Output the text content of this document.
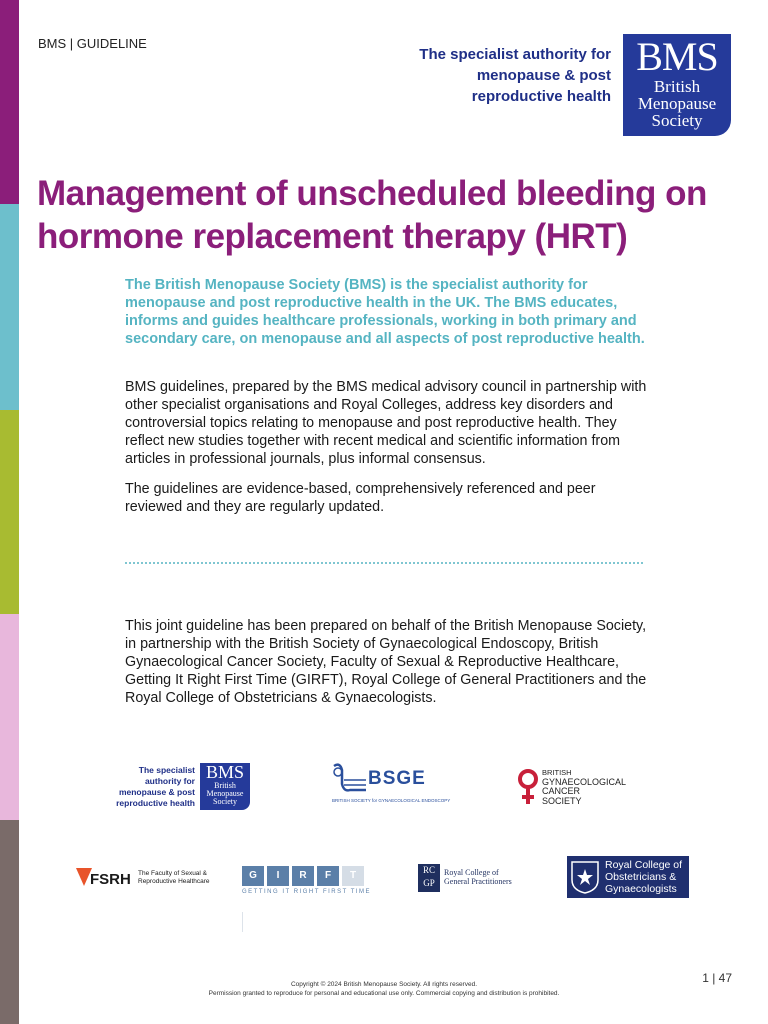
BMS | GUIDELINE
The specialist authority for menopause & post reproductive health
BMS
British
Menopause
Society
Management of unscheduled bleeding on hormone replacement therapy (HRT)

The British Menopause Society (BMS) is the specialist authority for menopause and post reproductive health in the UK. The BMS educates, informs and guides healthcare professionals, working in both primary and secondary care, on menopause and all aspects of post reproductive health.

BMS guidelines, prepared by the BMS medical advisory council in partnership with other specialist organisations and Royal Colleges, address key disorders and controversial topics relating to menopause and post reproductive health. They reflect new studies together with recent medical and scientific information from articles in professional journals, plus informal consensus.

The guidelines are evidence-based, comprehensively referenced and peer reviewed and they are regularly updated.

This joint guideline has been prepared on behalf of the British Menopause Society, in partnership with the British Society of Gynaecological Endoscopy, British Gynaecological Cancer Society, Faculty of Sexual & Reproductive Healthcare, Getting It Right First Time (GIRFT), Royal College of General Practitioners and the Royal College of Obstetricians & Gynaecologists.

The specialist authority for menopause & post reproductive health
BMS
British
Menopause
Society
BSGE
BRITISH SOCIETY for GYNAECOLOGICAL ENDOSCOPY
BRITISH
GYNAECOLOGICAL
CANCER
SOCIETY
FSRH The Faculty of Sexual &
Reproductive Healthcare	G	I	R	F	T
GETTING IT RIGHT FIRST TIME
RC
GP
Royal College of
General Practitioners
Royal College of
Obstetricians &
Gynaecologists
1 | 47
Copyright © 2024 British Menopause Society. All rights reserved.
Permission granted to reproduce for personal and educational use only. Commercial copying and distribution is prohibited.
